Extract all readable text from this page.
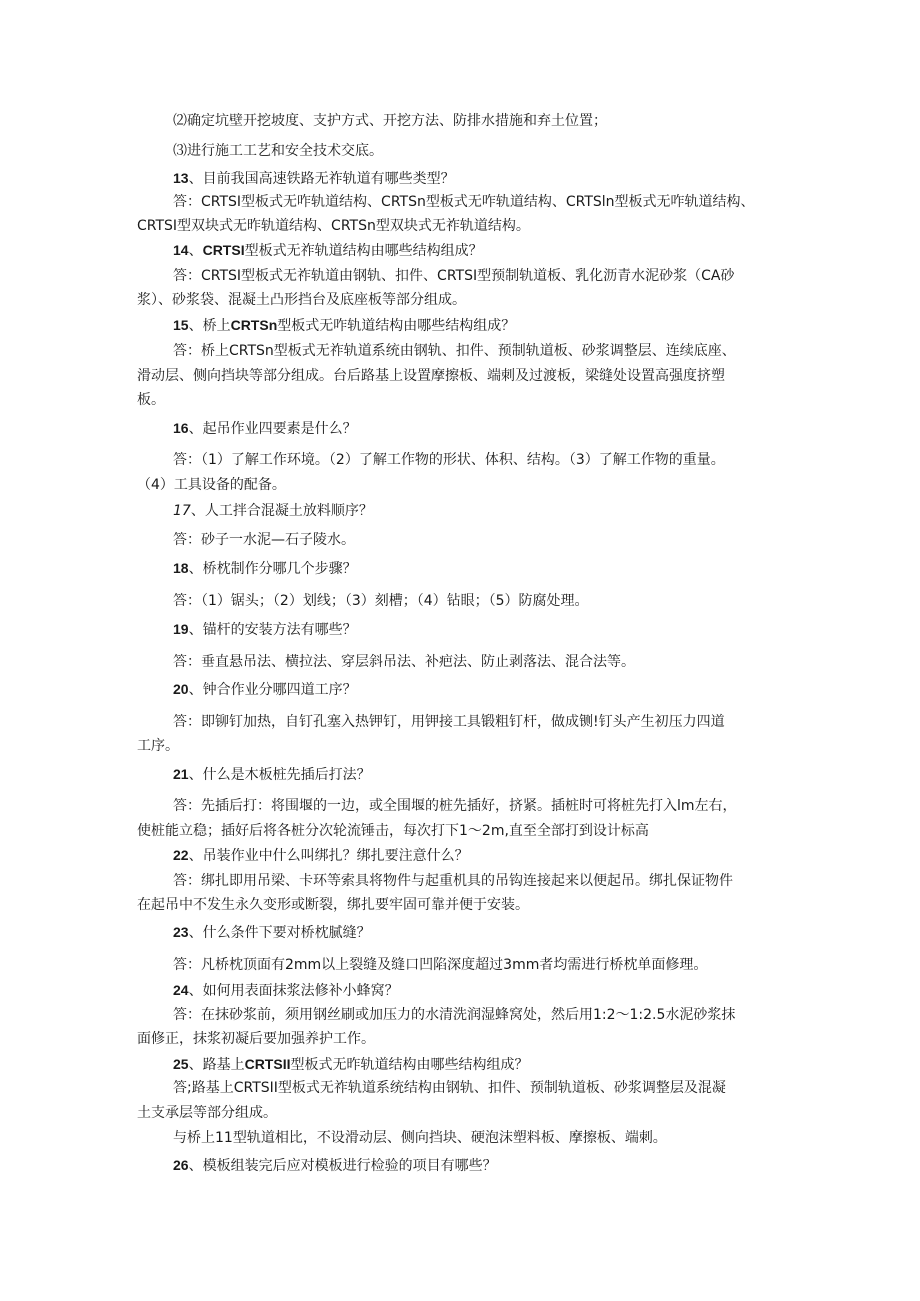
⑵确定坑壁开挖坡度、支护方式、开挖方法、防排水措施和弃土位置；
⑶进行施工工艺和安全技术交底。
13、目前我国高速铁路无祚轨道有哪些类型？
答：CRTSI型板式无咋轨道结构、CRTSn型板式无咋轨道结构、CRTSln型板式无咋轨道结构、
CRTSI型双块式无昨轨道结构、CRTSn型双块式无祚轨道结构。
14、CRTSI型板式无祚轨道结构由哪些结构组成？
答：CRTSI型板式无祚轨道由钢轨、扣件、CRTSI型预制轨道板、乳化沥青水泥砂浆（CA砂
浆）、砂浆袋、混凝土凸形挡台及底座板等部分组成。
15、桥上CRTSn型板式无咋轨道结构由哪些结构组成？
答：桥上CRTSn型板式无祚轨道系统由钢轨、扣件、预制轨道板、砂浆调整层、连续底座、
滑动层、侧向挡块等部分组成。台后路基上设置摩擦板、端刺及过渡板，梁缝处设置高强度挤塑
板。
16、起吊作业四要素是什么？
答：（1）了解工作环境。（2）了解工作物的形状、体积、结构。（3）了解工作物的重量。
（4）工具设备的配备。
17、人工拌合混凝土放料顺序？
答：砂子一水泥—石子陵水。
18、桥枕制作分哪几个步骤？
答：（1）锯头；（2）划线；（3）刻槽；（4）钻眼；（5）防腐处理。
19、锚杆的安装方法有哪些？
答：垂直悬吊法、横拉法、穿层斜吊法、补疤法、防止剥落法、混合法等。
20、钟合作业分哪四道工序？
答：即铆钉加热，自钉孔塞入热钾钉，用钾接工具锻粗钉杆，做成铡!钉头产生初压力四道
工序。
21、什么是木板桩先插后打法？
答：先插后打：将围堰的一边，或全围堰的桩先插好，挤紧。插桩时可将桩先打入lm左右，
使桩能立稳；插好后将各桩分次轮流锤击，每次打下1〜2m,直至全部打到设计标高
22、吊装作业中什么叫绑扎？绑扎要注意什么？
答：绑扎即用吊梁、卡环等索具将物件与起重机具的吊钩连接起来以便起吊。绑扎保证物件
在起吊中不发生永久变形或断裂，绑扎要牢固可靠并便于安装。
23、什么条件下要对桥枕腻缝？
答：凡桥枕顶面有2mm以上裂缝及缝口凹陷深度超过3mm者均需进行桥枕单面修理。
24、如何用表面抹浆法修补小蜂窝？
答：在抹砂浆前，须用钢丝刷或加压力的水清洗润湿蜂窝处，然后用1:2〜1:2.5水泥砂浆抹
面修正，抹浆初凝后要加强养护工作。
25、路基上CRTSII型板式无昨轨道结构由哪些结构组成？
答;路基上CRTSII型板式无祚轨道系统结构由钢轨、扣件、预制轨道板、砂浆调整层及混凝
土支承层等部分组成。
与桥上11型轨道相比，不设滑动层、侧向挡块、硬泡沫塑料板、摩擦板、端刺。
26、模板组装完后应对模板进行检验的项目有哪些？
